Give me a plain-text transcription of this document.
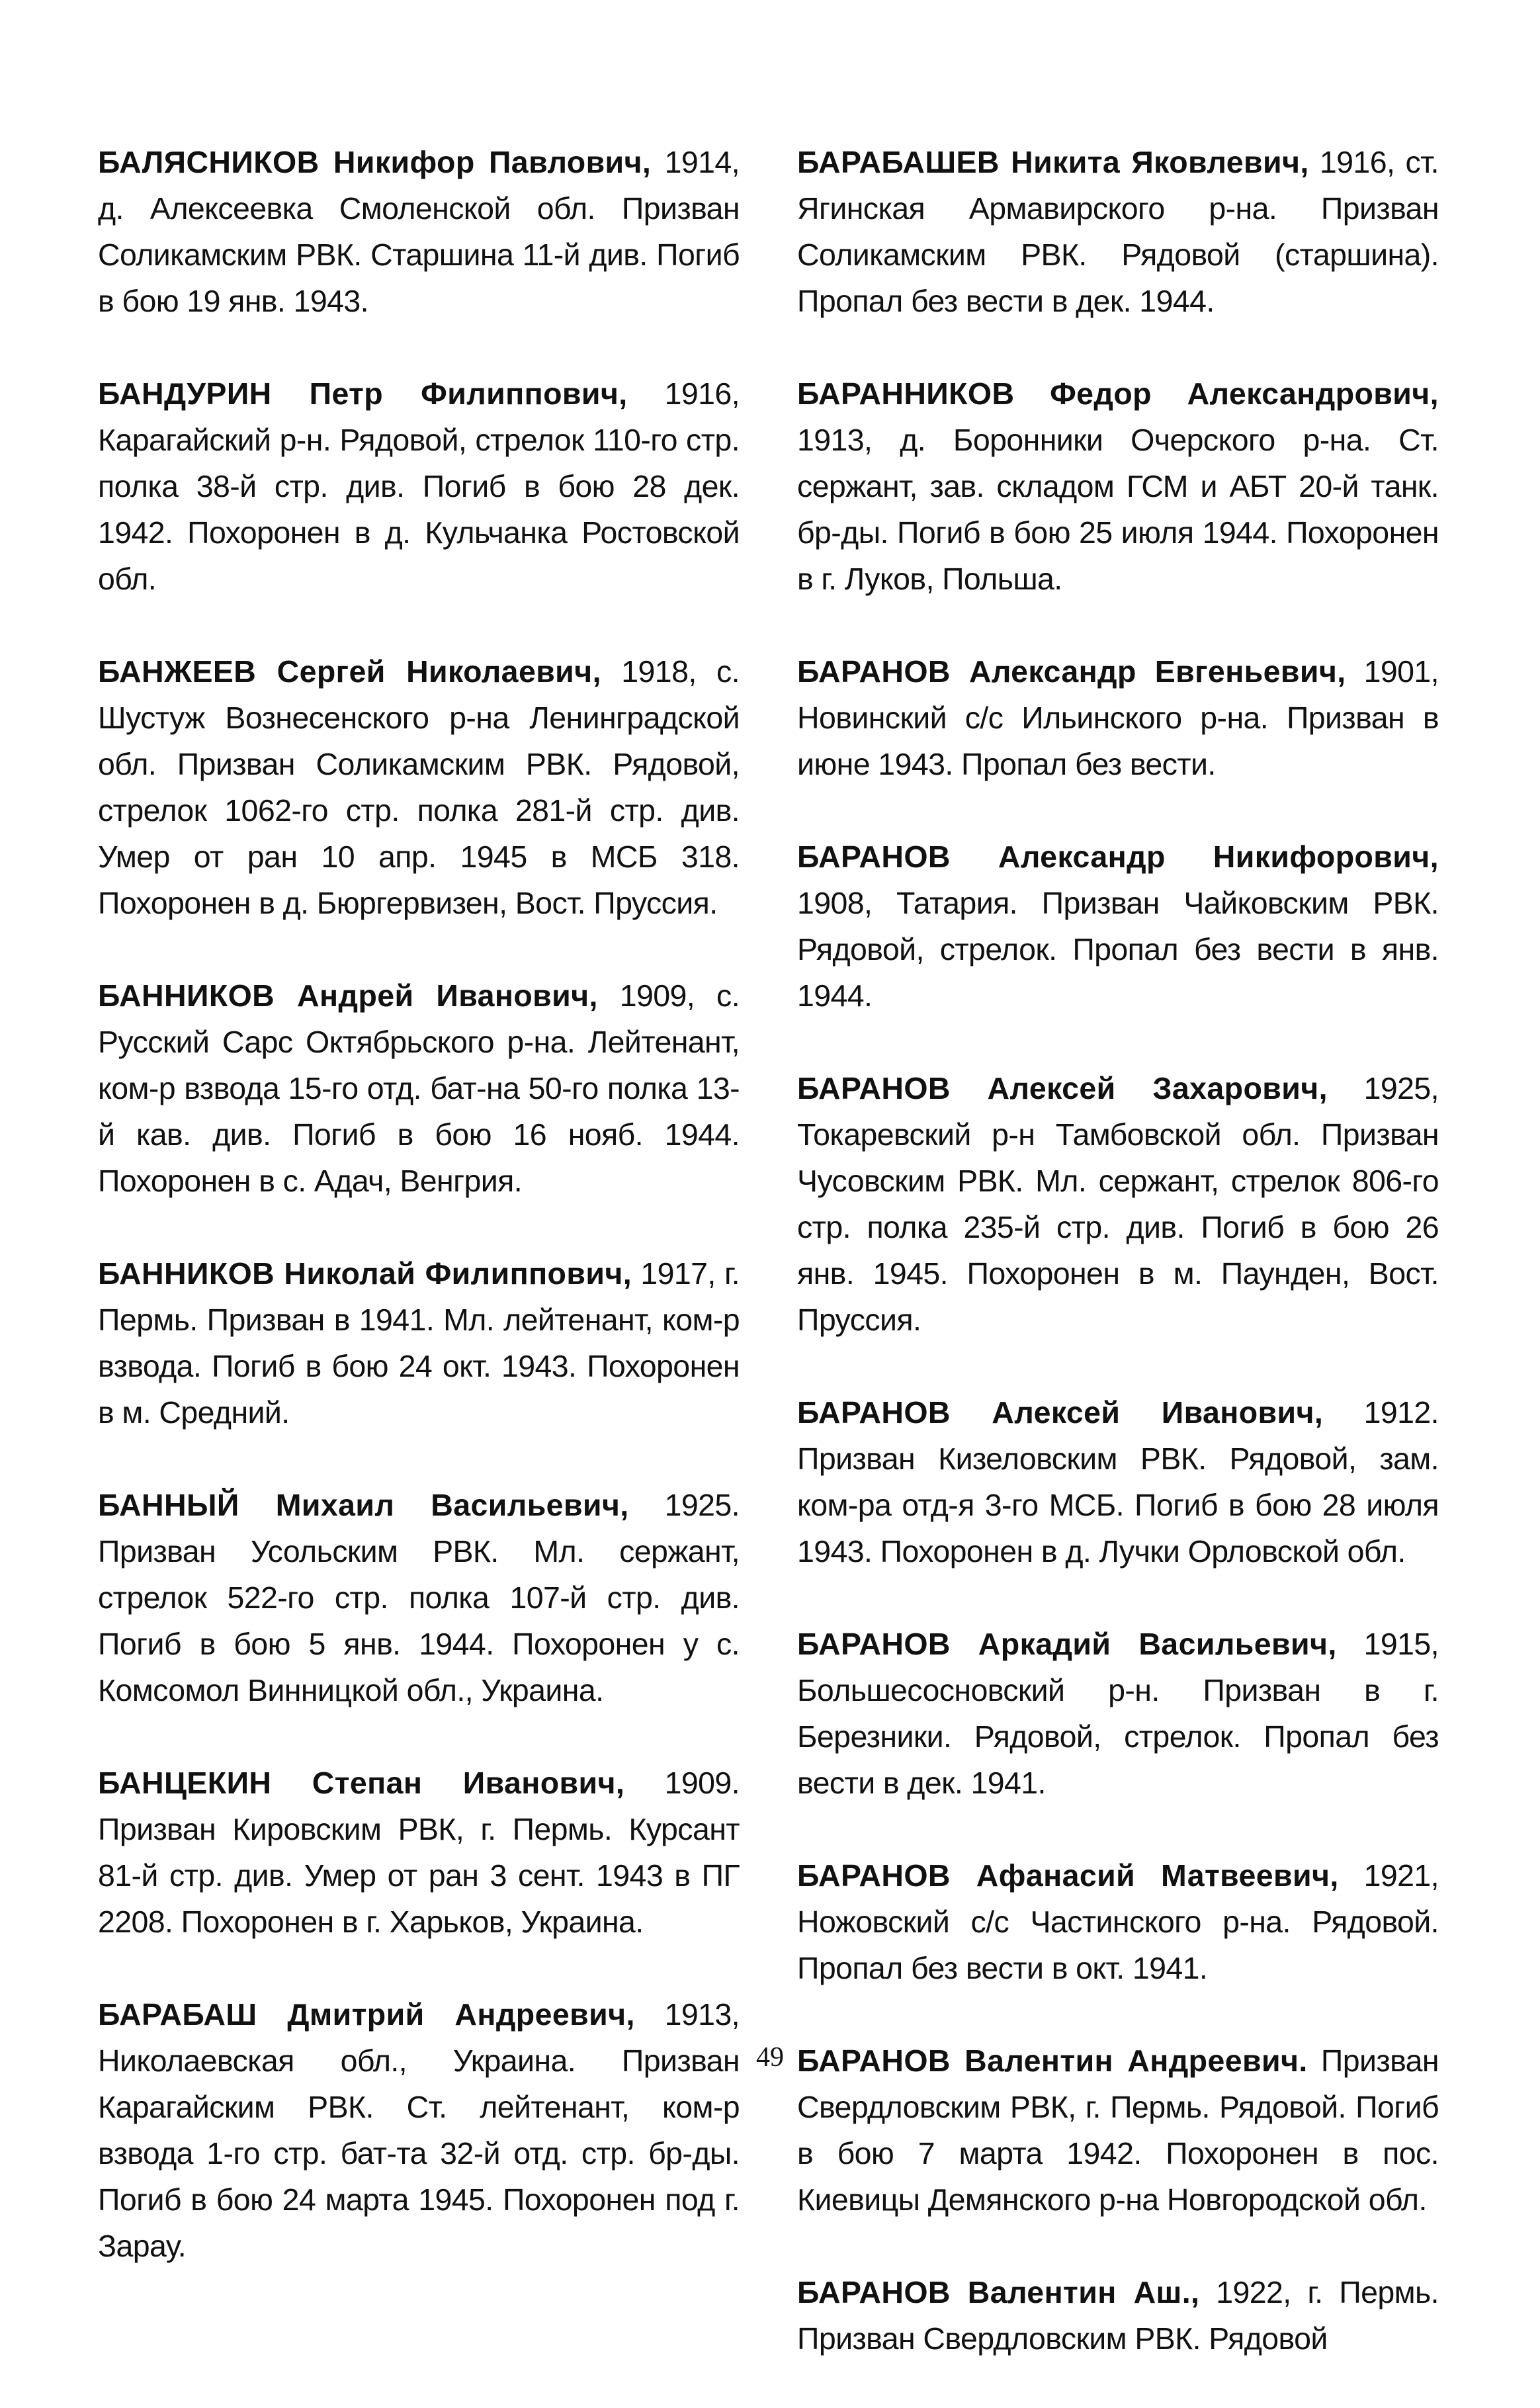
БАЛЯСНИКОВ Никифор Павлович, 1914, д. Алексеевка Смоленской обл. Призван Соликамским РВК. Старшина 11-й див. Погиб в бою 19 янв. 1943.

БАНДУРИН Петр Филиппович, 1916, Карагайский р-н. Рядовой, стрелок 110-го стр. полка 38-й стр. див. Погиб в бою 28 дек. 1942. Похоронен в д. Кульчанка Ростовской обл.

БАНЖЕЕВ Сергей Николаевич, 1918, с. Шустуж Вознесенского р-на Ленинградской обл. Призван Соликамским РВК. Рядовой, стрелок 1062-го стр. полка 281-й стр. див. Умер от ран 10 апр. 1945 в МСБ 318. Похоронен в д. Бюргервизен, Вост. Пруссия.

БАННИКОВ Андрей Иванович, 1909, с. Русский Сарс Октябрьского р-на. Лейтенант, ком-р взвода 15-го отд. бат-на 50-го полка 13-й кав. див. Погиб в бою 16 нояб. 1944. Похоронен в с. Адач, Венгрия.

БАННИКОВ Николай Филиппович, 1917, г. Пермь. Призван в 1941. Мл. лейтенант, ком-р взвода. Погиб в бою 24 окт. 1943. Похоронен в м. Средний.

БАННЫЙ Михаил Васильевич, 1925. Призван Усольским РВК. Мл. сержант, стрелок 522-го стр. полка 107-й стр. див. Погиб в бою 5 янв. 1944. Похоронен у с. Комсомол Винницкой обл., Украина.

БАНЦЕКИН Степан Иванович, 1909. Призван Кировским РВК, г. Пермь. Курсант 81-й стр. див. Умер от ран 3 сент. 1943 в ПГ 2208. Похоронен в г. Харьков, Украина.

БАРАБАШ Дмитрий Андреевич, 1913, Николаевская обл., Украина. Призван Карагайским РВК. Ст. лейтенант, ком-р взвода 1-го стр. бат-та 32-й отд. стр. бр-ды. Погиб в бою 24 марта 1945. Похоронен под г. Зарау.

БАРАБАШЕВ Никита Яковлевич, 1916, ст. Ягинская Армавирского р-на. Призван Соликамским РВК. Рядовой (старшина). Пропал без вести в дек. 1944.

БАРАННИКОВ Федор Александрович, 1913, д. Боронники Очерского р-на. Ст. сержант, зав. складом ГСМ и АБТ 20-й танк. бр-ды. Погиб в бою 25 июля 1944. Похоронен в г. Луков, Польша.

БАРАНОВ Александр Евгеньевич, 1901, Новинский с/с Ильинского р-на. Призван в июне 1943. Пропал без вести.

БАРАНОВ Александр Никифорович, 1908, Татария. Призван Чайковским РВК. Рядовой, стрелок. Пропал без вести в янв. 1944.

БАРАНОВ Алексей Захарович, 1925, Токаревский р-н Тамбовской обл. Призван Чусовским РВК. Мл. сержант, стрелок 806-го стр. полка 235-й стр. див. Погиб в бою 26 янв. 1945. Похоронен в м. Паунден, Вост. Пруссия.

БАРАНОВ Алексей Иванович, 1912. Призван Кизеловским РВК. Рядовой, зам. ком-ра отд-я 3-го МСБ. Погиб в бою 28 июля 1943. Похоронен в д. Лучки Орловской обл.

БАРАНОВ Аркадий Васильевич, 1915, Большесосновский р-н. Призван в г. Березники. Рядовой, стрелок. Пропал без вести в дек. 1941.

БАРАНОВ Афанасий Матвеевич, 1921, Ножовский с/с Частинского р-на. Рядовой. Пропал без вести в окт. 1941.

БАРАНОВ Валентин Андреевич. Призван Свердловским РВК, г. Пермь. Рядовой. Погиб в бою 7 марта 1942. Похоронен в пос. Киевицы Демянского р-на Новгородской обл.

БАРАНОВ Валентин Аш., 1922, г. Пермь. Призван Свердловским РВК. Рядовой

49
